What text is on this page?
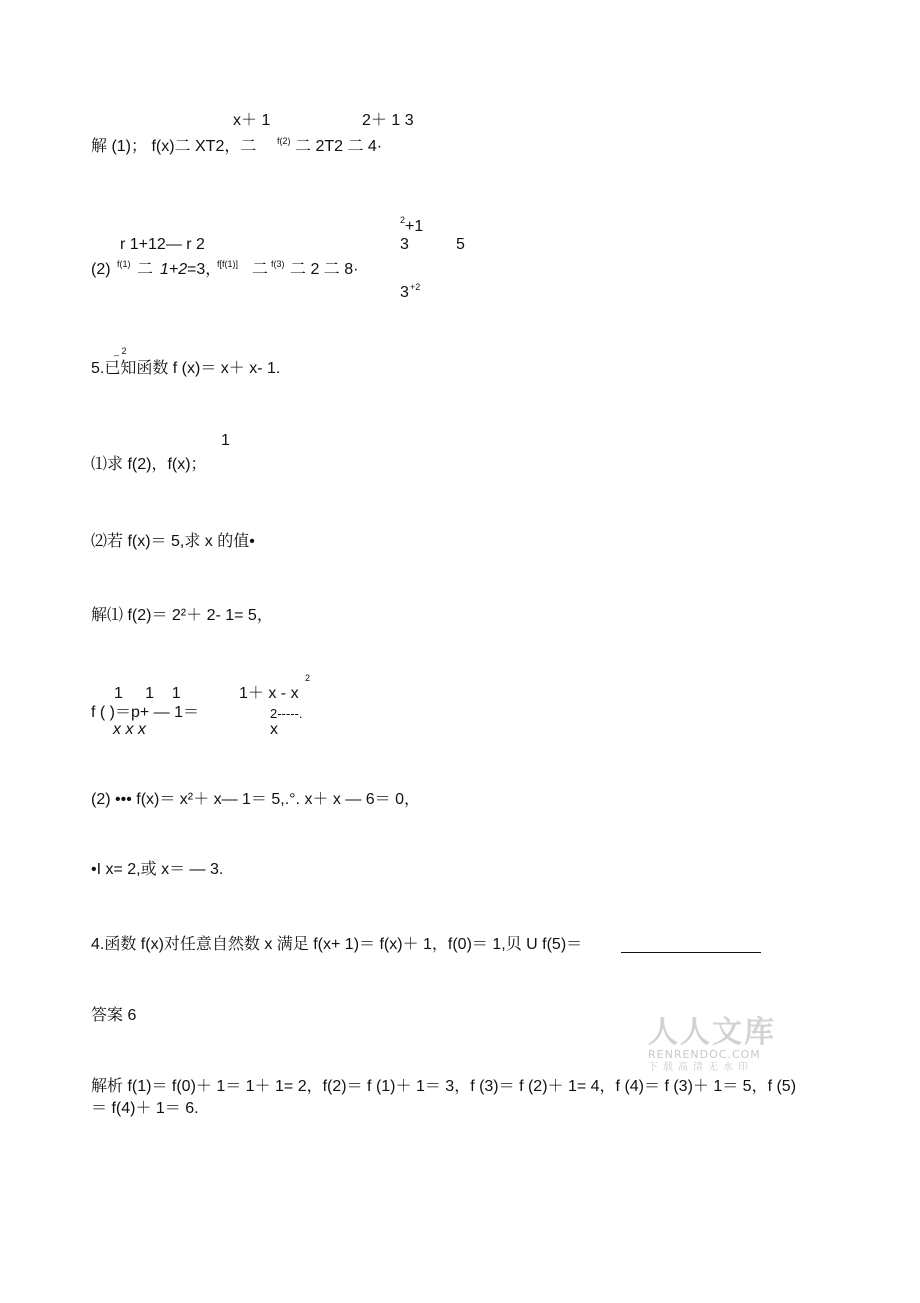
x＋ 1	2＋ 1 3
解 (1)； f(x)二 XT2，二 f(2) 二 2T2 二 4·
2 +1
r 1+12— r 2	3	5
(2) f(1) 二 1+2 =3，
f[f(1)] 二 f(3) 二 2 二 8·
3 +2
_ 2
5.已知函数 f (x)＝ x＋ x- 1.
1
⑴求 f(2)，f(x)；
⑵若 f(x)＝ 5,求 x 的值•
解⑴ f(2)＝ 2²＋ 2- 1= 5，
2
1     1    1	1＋ x - x
f ( )＝p+ — 1＝	2-----.
x x x	x
(2) ••• f(x)＝ x²＋ x— 1＝ 5,.°. x＋ x — 6＝ 0，
•I x= 2,或 x＝ — 3.
4.函数 f(x)对任意自然数 x 满足 f(x+ 1)＝ f(x)＋ 1，f(0)＝ 1,贝 U f(5)＝
答案 6	人人文库
RENRENDOC.COM
下载高清无水印
解析 f(1)＝ f(0)＋ 1＝ 1＋ 1= 2，f(2)＝ f (1)＋ 1＝ 3，f (3)＝ f (2)＋ 1= 4，f (4)＝ f (3)＋ 1＝ 5，f (5)
＝ f(4)＋ 1＝ 6.
